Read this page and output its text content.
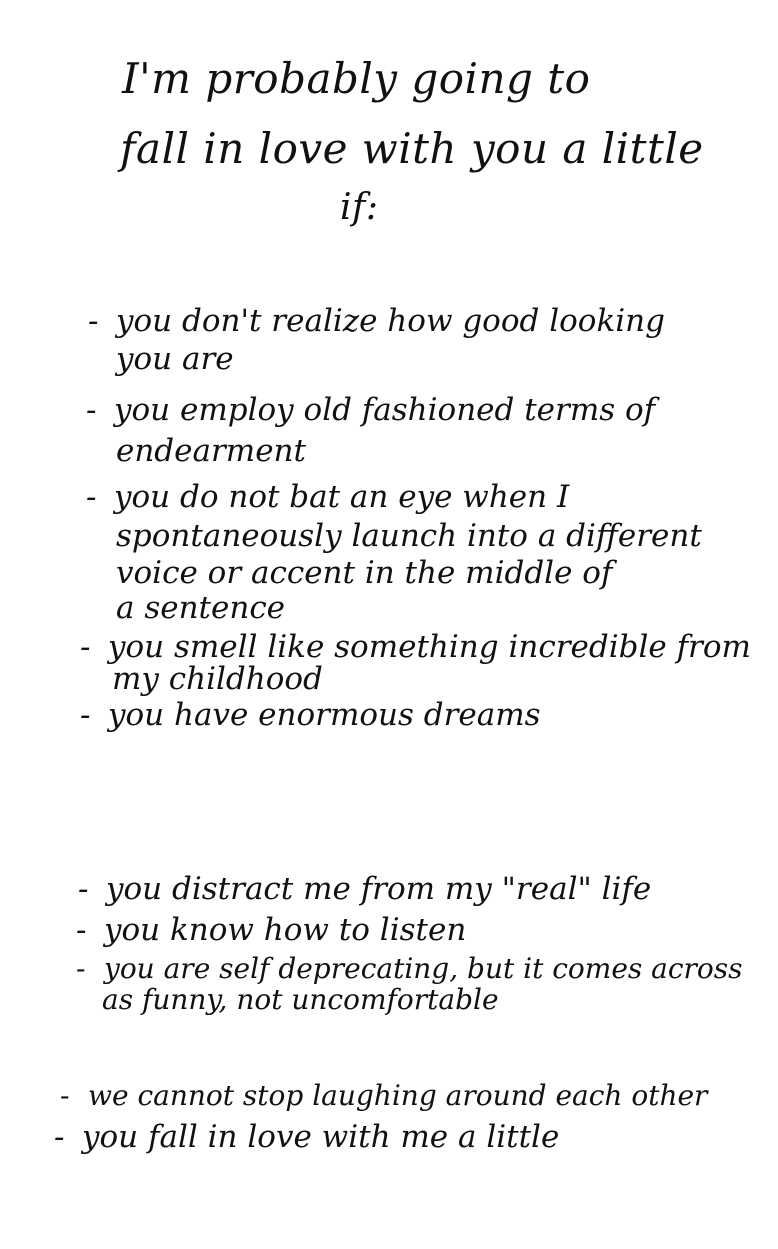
I'm probably going to
fall in love with you a little
if:
- you don't realize how good looking
you are
- you employ old fashioned terms of
endearment
- you do not bat an eye when I
spontaneously launch into a different
voice or accent in the middle of
a sentence
- you smell like something incredible from
my childhood
- you have enormous dreams
- you distract me from my "real" life
- you know how to listen
- you are self deprecating, but it comes across
as funny, not uncomfortable
- we cannot stop laughing around each other
- you fall in love with me a little
